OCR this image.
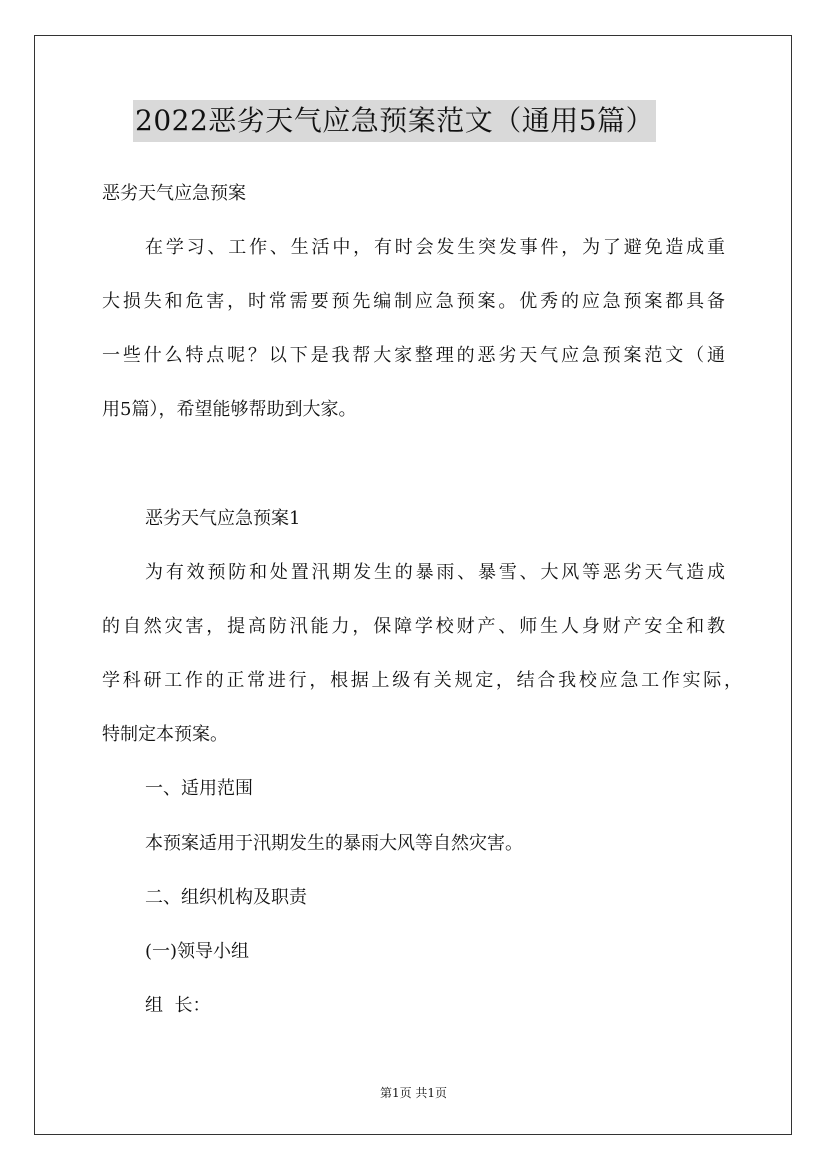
2022恶劣天气应急预案范文（通用5篇）
恶劣天气应急预案
在学习、工作、生活中，有时会发生突发事件，为了避免造成重
大损失和危害，时常需要预先编制应急预案。优秀的应急预案都具备
一些什么特点呢？以下是我帮大家整理的恶劣天气应急预案范文（通
用5篇），希望能够帮助到大家。
恶劣天气应急预案1
为有效预防和处置汛期发生的暴雨、暴雪、大风等恶劣天气造成
的自然灾害，提高防汛能力，保障学校财产、师生人身财产安全和教
学科研工作的正常进行，根据上级有关规定，结合我校应急工作实际，
特制定本预案。
一、适用范围
本预案适用于汛期发生的暴雨大风等自然灾害。
二、组织机构及职责
(一)领导小组
组  长：
第1页 共1页
